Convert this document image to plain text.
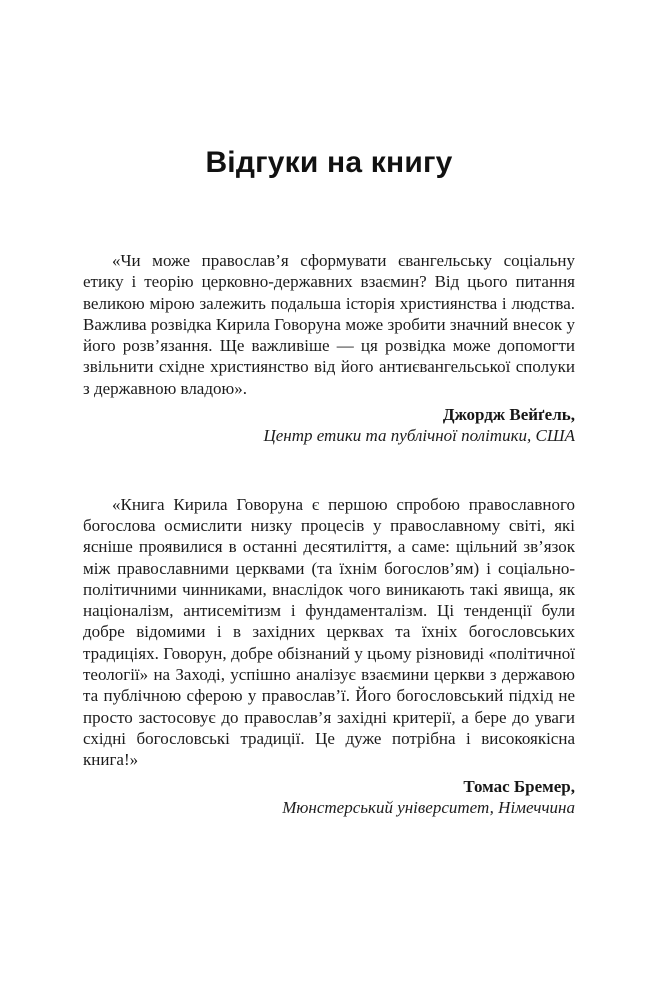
Відгуки на книгу

«Чи може православ’я сформувати євангельську соціальну етику і теорію церковно-державних взаємин? Від цього питання великою мірою залежить подальша історія християнства і людства. Важлива розвідка Кирила Говоруна може зробити значний внесок у його розв’язання. Ще важливіше — ця розвідка може допомогти звільнити східне християнство від його антиєвангельської сполуки з державною владою».

Джордж Вейґель,
Центр етики та публічної політики, США

«Книга Кирила Говоруна є першою спробою православного богослова осмислити низку процесів у православному світі, які ясніше проявилися в останні десятиліття, а саме: щільний зв’язок між православними церквами (та їхнім богослов’ям) і соціально-політичними чинниками, внаслідок чого виникають такі явища, як націоналізм, антисемітизм і фундаменталізм. Ці тенденції були добре відомими і в західних церквах та їхніх богословських традиціях. Говорун, добре обізнаний у цьому різновиді «політичної теології» на Заході, успішно аналізує взаємини церкви з державою та публічною сферою у православ’ї. Його богословський підхід не просто застосовує до православ’я західні критерії, а бере до уваги східні богословські традиції. Це дуже потрібна і високоякісна книга!»

Томас Бремер,
Мюнстерський університет, Німеччина
